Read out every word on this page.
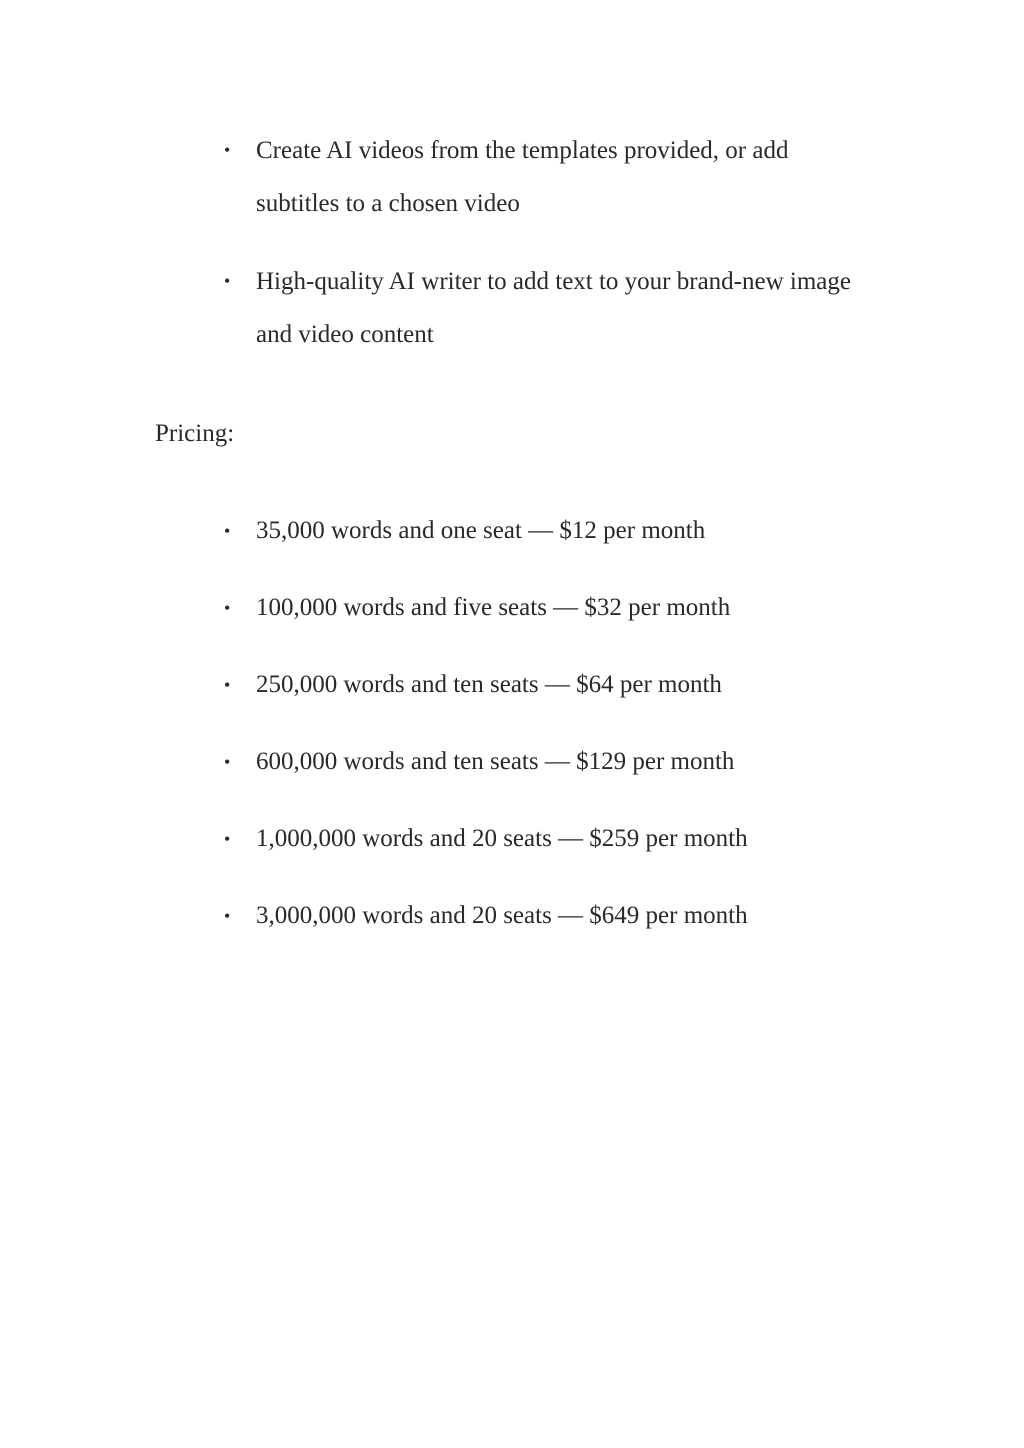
• Create AI videos from the templates provided, or add subtitles to a chosen video
• High-quality AI writer to add text to your brand-new image and video content

Pricing:

• 35,000 words and one seat — $12 per month
• 100,000 words and five seats — $32 per month
• 250,000 words and ten seats — $64 per month
• 600,000 words and ten seats — $129 per month
• 1,000,000 words and 20 seats — $259 per month
• 3,000,000 words and 20 seats — $649 per month
